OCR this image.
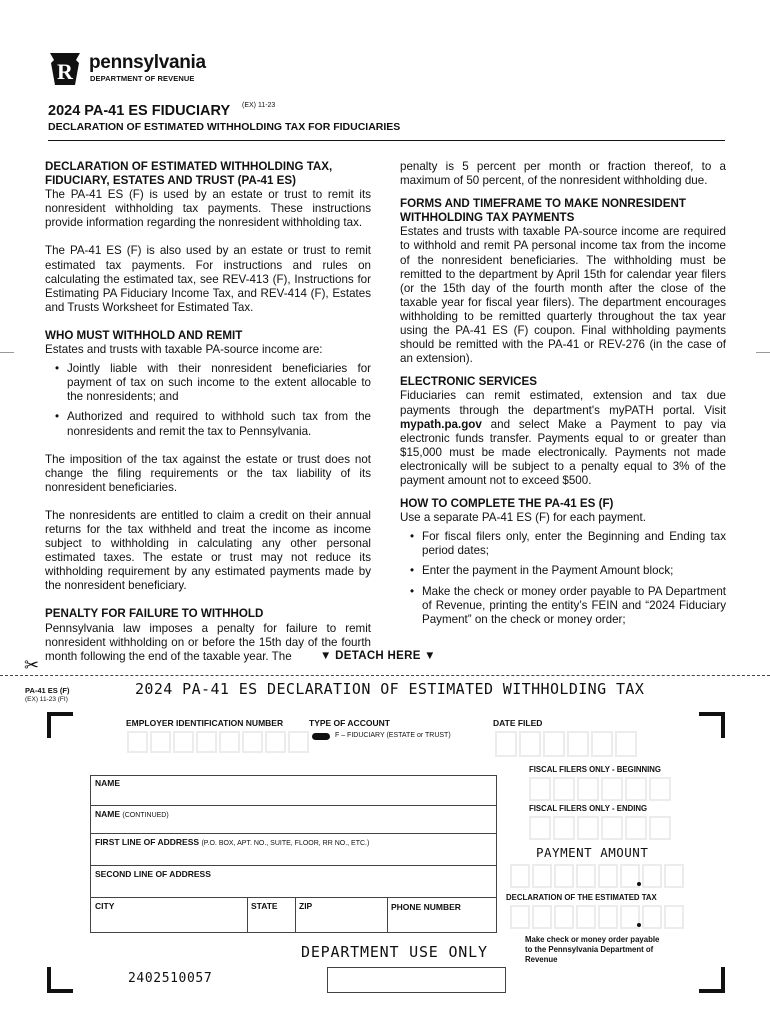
R pennsylvania
DEPARTMENT OF REVENUE
2024 PA-41 ES FIDUCIARY (EX) 11-23
DECLARATION OF ESTIMATED WITHHOLDING TAX FOR FIDUCIARIES
DECLARATION OF ESTIMATED WITHHOLDING TAX, FIDUCIARY, ESTATES AND TRUST (PA-41 ES)

The PA-41 ES (F) is used by an estate or trust to remit its nonresident withholding tax payments. These instructions provide information regarding the nonresident withholding tax.

The PA-41 ES (F) is also used by an estate or trust to remit estimated tax payments. For instructions and rules on calculating the estimated tax, see REV-413 (F), Instructions for Estimating PA Fiduciary Income Tax, and REV-414 (F), Estates and Trusts Worksheet for Estimated Tax.

WHO MUST WITHHOLD AND REMIT

Estates and trusts with taxable PA-source income are:

• Jointly liable with their nonresident beneficiaries for payment of tax on such income to the extent allocable to the nonresidents; and

• Authorized and required to withhold such tax from the nonresidents and remit the tax to Pennsylvania.

The imposition of the tax against the estate or trust does not change the filing requirements or the tax liability of its nonresident beneficiaries.

The nonresidents are entitled to claim a credit on their annual returns for the tax withheld and treat the income as income subject to withholding in calculating any other personal estimated taxes. The estate or trust may not reduce its withholding requirement by any estimated payments made by the nonresident beneficiary.

PENALTY FOR FAILURE TO WITHHOLD

Pennsylvania law imposes a penalty for failure to remit nonresident withholding on or before the 15th day of the fourth month following the end of the taxable year. The

penalty is 5 percent per month or fraction thereof, to a maximum of 50 percent, of the nonresident withholding due.

FORMS AND TIMEFRAME TO MAKE NONRESIDENT WITHHOLDING TAX PAYMENTS

Estates and trusts with taxable PA-source income are required to withhold and remit PA personal income tax from the income of the nonresident beneficiaries. The withholding must be remitted to the department by April 15th for calendar year filers (or the 15th day of the fourth month after the close of the taxable year for fiscal year filers). The department encourages withholding to be remitted quarterly throughout the tax year using the PA-41 ES (F) coupon. Final withholding payments should be remitted with the PA-41 or REV-276 (in the case of an extension).

ELECTRONIC SERVICES

Fiduciaries can remit estimated, extension and tax due payments through the department's myPATH portal. Visit mypath.pa.gov and select Make a Payment to pay via electronic funds transfer. Payments equal to or greater than $15,000 must be made electronically. Payments not made electronically will be subject to a penalty equal to 3% of the payment amount not to exceed $500.

HOW TO COMPLETE THE PA-41 ES (F)

Use a separate PA-41 ES (F) for each payment.

• For fiscal filers only, enter the Beginning and Ending tax period dates;

• Enter the payment in the Payment Amount block;

• Make the check or money order payable to PA Department of Revenue, printing the entity’s FEIN and “2024 Fiduciary Payment” on the check or money order;

▼ DETACH HERE ▼
✂
PA-41 ES (F)
(EX) 11-23 (FI)
2024 PA-41 ES DECLARATION OF ESTIMATED WITHHOLDING TAX
EMPLOYER IDENTIFICATION NUMBER	TYPE OF ACCOUNT
F – FIDUCIARY (ESTATE or TRUST)
DATE FILED
FISCAL FILERS ONLY - BEGINNING
FISCAL FILERS ONLY - ENDING
PAYMENT AMOUNT
DECLARATION OF THE ESTIMATED TAX
Make check or money order payable to the Pennsylvania Department of Revenue
NAME
NAME (CONTINUED)
FIRST LINE OF ADDRESS (P.O. BOX, APT. NO., SUITE, FLOOR, RR NO., ETC.)
SECOND LINE OF ADDRESS
CITY	STATE	ZIP	PHONE NUMBER
DEPARTMENT USE ONLY
2402510057
